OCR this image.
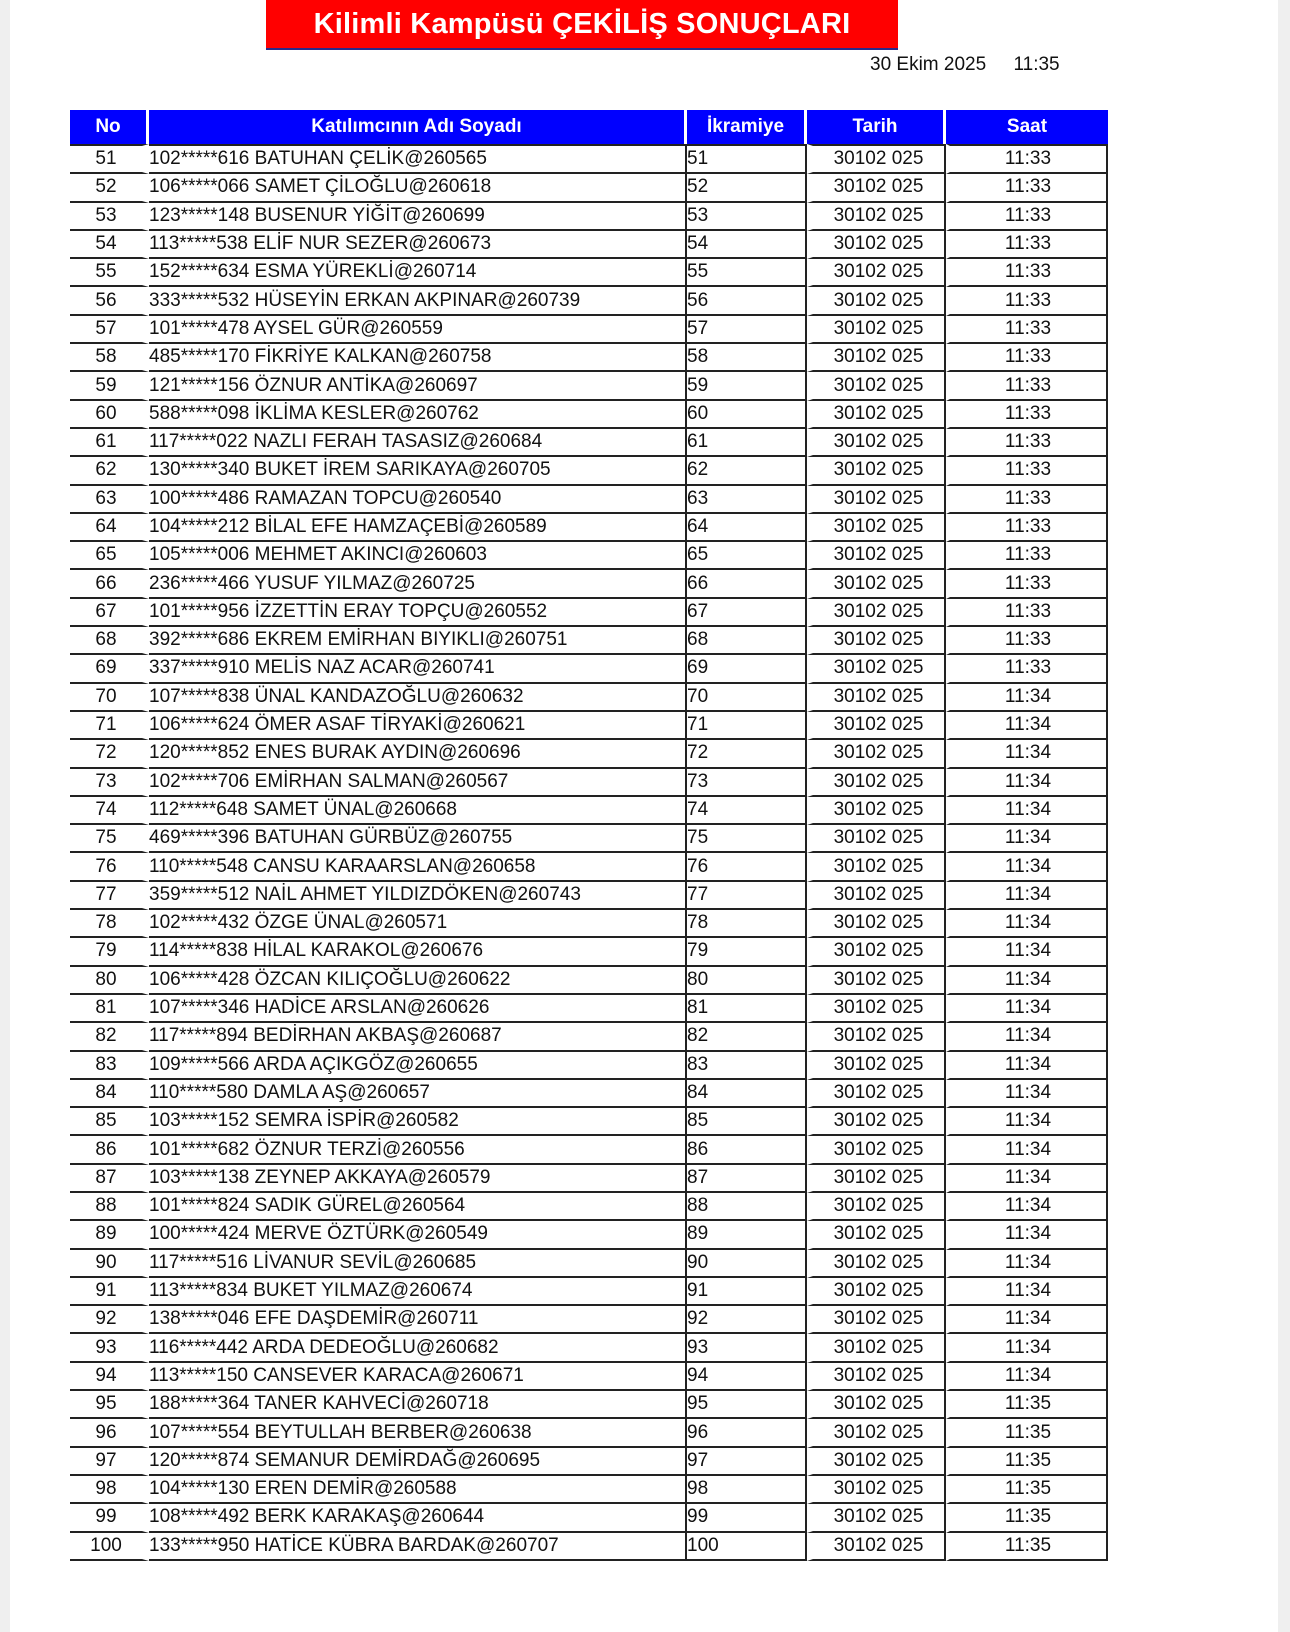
Kilimli Kampüsü ÇEKİLİŞ SONUÇLARI
30 Ekim 2025 11:35
No	Katılımcının Adı Soyadı	İkramiye	Tarih	Saat
51	102*****616 BATUHAN ÇELİK@260565	51	30102 025	11:33
52	106*****066 SAMET ÇİLOĞLU@260618	52	30102 025	11:33
53	123*****148 BUSENUR YİĞİT@260699	53	30102 025	11:33
54	113*****538 ELİF NUR SEZER@260673	54	30102 025	11:33
55	152*****634 ESMA YÜREKLİ@260714	55	30102 025	11:33
56	333*****532 HÜSEYİN ERKAN AKPINAR@260739	56	30102 025	11:33
57	101*****478 AYSEL GÜR@260559	57	30102 025	11:33
58	485*****170 FİKRİYE KALKAN@260758	58	30102 025	11:33
59	121*****156 ÖZNUR ANTİKA@260697	59	30102 025	11:33
60	588*****098 İKLİMA KESLER@260762	60	30102 025	11:33
61	117*****022 NAZLI FERAH TASASIZ@260684	61	30102 025	11:33
62	130*****340 BUKET İREM SARIKAYA@260705	62	30102 025	11:33
63	100*****486 RAMAZAN TOPCU@260540	63	30102 025	11:33
64	104*****212 BİLAL EFE HAMZAÇEBİ@260589	64	30102 025	11:33
65	105*****006 MEHMET AKINCI@260603	65	30102 025	11:33
66	236*****466 YUSUF YILMAZ@260725	66	30102 025	11:33
67	101*****956 İZZETTİN ERAY TOPÇU@260552	67	30102 025	11:33
68	392*****686 EKREM EMİRHAN BIYIKLI@260751	68	30102 025	11:33
69	337*****910 MELİS NAZ ACAR@260741	69	30102 025	11:33
70	107*****838 ÜNAL KANDAZOĞLU@260632	70	30102 025	11:34
71	106*****624 ÖMER ASAF TİRYAKİ@260621	71	30102 025	11:34
72	120*****852 ENES BURAK AYDIN@260696	72	30102 025	11:34
73	102*****706 EMİRHAN SALMAN@260567	73	30102 025	11:34
74	112*****648 SAMET ÜNAL@260668	74	30102 025	11:34
75	469*****396 BATUHAN GÜRBÜZ@260755	75	30102 025	11:34
76	110*****548 CANSU KARAARSLAN@260658	76	30102 025	11:34
77	359*****512 NAİL AHMET YILDIZDÖKEN@260743	77	30102 025	11:34
78	102*****432 ÖZGE ÜNAL@260571	78	30102 025	11:34
79	114*****838 HİLAL KARAKOL@260676	79	30102 025	11:34
80	106*****428 ÖZCAN KILIÇOĞLU@260622	80	30102 025	11:34
81	107*****346 HADİCE ARSLAN@260626	81	30102 025	11:34
82	117*****894 BEDİRHAN AKBAŞ@260687	82	30102 025	11:34
83	109*****566 ARDA AÇIKGÖZ@260655	83	30102 025	11:34
84	110*****580 DAMLA AŞ@260657	84	30102 025	11:34
85	103*****152 SEMRA İSPİR@260582	85	30102 025	11:34
86	101*****682 ÖZNUR TERZİ@260556	86	30102 025	11:34
87	103*****138 ZEYNEP AKKAYA@260579	87	30102 025	11:34
88	101*****824 SADIK GÜREL@260564	88	30102 025	11:34
89	100*****424 MERVE ÖZTÜRK@260549	89	30102 025	11:34
90	117*****516 LİVANUR SEVİL@260685	90	30102 025	11:34
91	113*****834 BUKET YILMAZ@260674	91	30102 025	11:34
92	138*****046 EFE DAŞDEMİR@260711	92	30102 025	11:34
93	116*****442 ARDA DEDEOĞLU@260682	93	30102 025	11:34
94	113*****150 CANSEVER KARACA@260671	94	30102 025	11:34
95	188*****364 TANER KAHVECİ@260718	95	30102 025	11:35
96	107*****554 BEYTULLAH BERBER@260638	96	30102 025	11:35
97	120*****874 SEMANUR DEMİRDAĞ@260695	97	30102 025	11:35
98	104*****130 EREN DEMİR@260588	98	30102 025	11:35
99	108*****492 BERK KARAKAŞ@260644	99	30102 025	11:35
100	133*****950 HATİCE KÜBRA BARDAK@260707	100	30102 025	11:35
